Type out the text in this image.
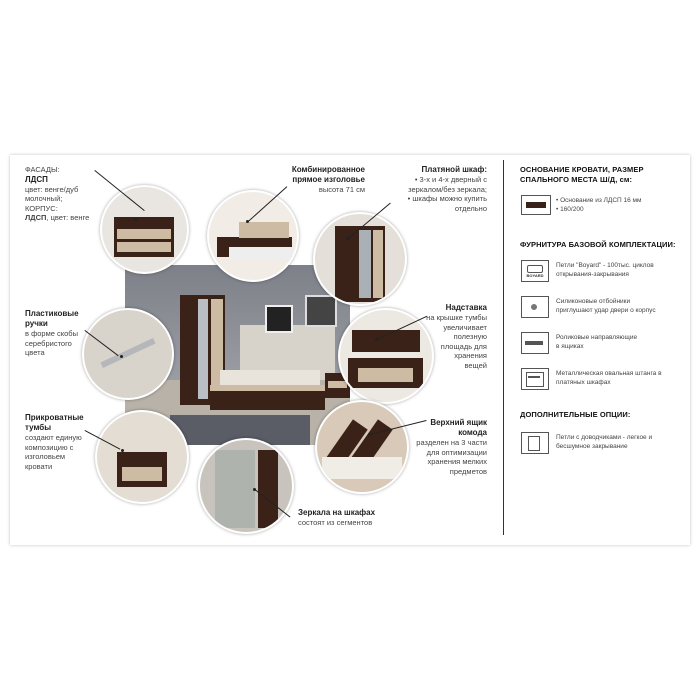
ФАСАДЫ:
ЛДСП
цвет: венге/дуб
молочный;
КОРПУС:
ЛДСП, цвет: венге
Пластиковые
ручки
в форме скобы
серебристого
цвета
Прикроватные
тумбы
создают единую
композицию с
изголовьем
кровати
Комбинированное
прямое изголовье
высота 71 см
Зеркала на шкафах
состоят из сегментов
Платяной шкаф:
• 3-х и 4-х дверный с
зеркалом/без зеркала;
• шкафы можно купить
отдельно
Надставка
на крышке тумбы
увеличивает
полезную
площадь для
хранения
вещей
Верхний ящик
комода
разделен на 3 части
для оптимизации
хранения мелких
предметов
ОСНОВАНИЕ КРОВАТИ, РАЗМЕР
СПАЛЬНОГО МЕСТА Ш/Д, см:
• Основание из ЛДСП 16 мм
• 160/200
ФУРНИТУРА БАЗОВОЙ КОМПЛЕКТАЦИИ:
BOYARD
Петли "Boyard" - 100тыс. циклов
открывания-закрывания
Силиконовые отбойники
приглушают удар двери о корпус
Роликовые направляющие
в ящиках
Металлическая овальная штанга в
платяных шкафах
ДОПОЛНИТЕЛЬНЫЕ ОПЦИИ:
Петли с доводчиками - легкое и
бесшумное закрывание
